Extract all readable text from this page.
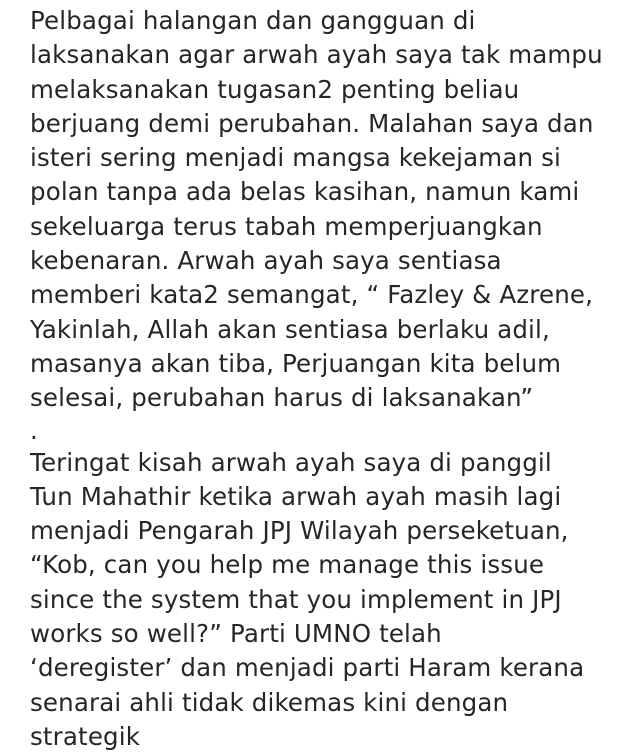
Pelbagai halangan dan gangguan di
laksanakan agar arwah ayah saya tak mampu
melaksanakan tugasan2 penting beliau
berjuang demi perubahan. Malahan saya dan
isteri sering menjadi mangsa kekejaman si
polan tanpa ada belas kasihan, namun kami
sekeluarga terus tabah memperjuangkan
kebenaran. Arwah ayah saya sentiasa
memberi kata2 semangat, “ Fazley & Azrene,
Yakinlah, Allah akan sentiasa berlaku adil,
masanya akan tiba, Perjuangan kita belum
selesai, perubahan harus di laksanakan”
.
Teringat kisah arwah ayah saya di panggil
Tun Mahathir ketika arwah ayah masih lagi
menjadi Pengarah JPJ Wilayah perseketuan,
“Kob, can you help me manage this issue
since the system that you implement in JPJ
works so well?” Parti UMNO telah
‘deregister’ dan menjadi parti Haram kerana
senarai ahli tidak dikemas kini dengan
strategik
